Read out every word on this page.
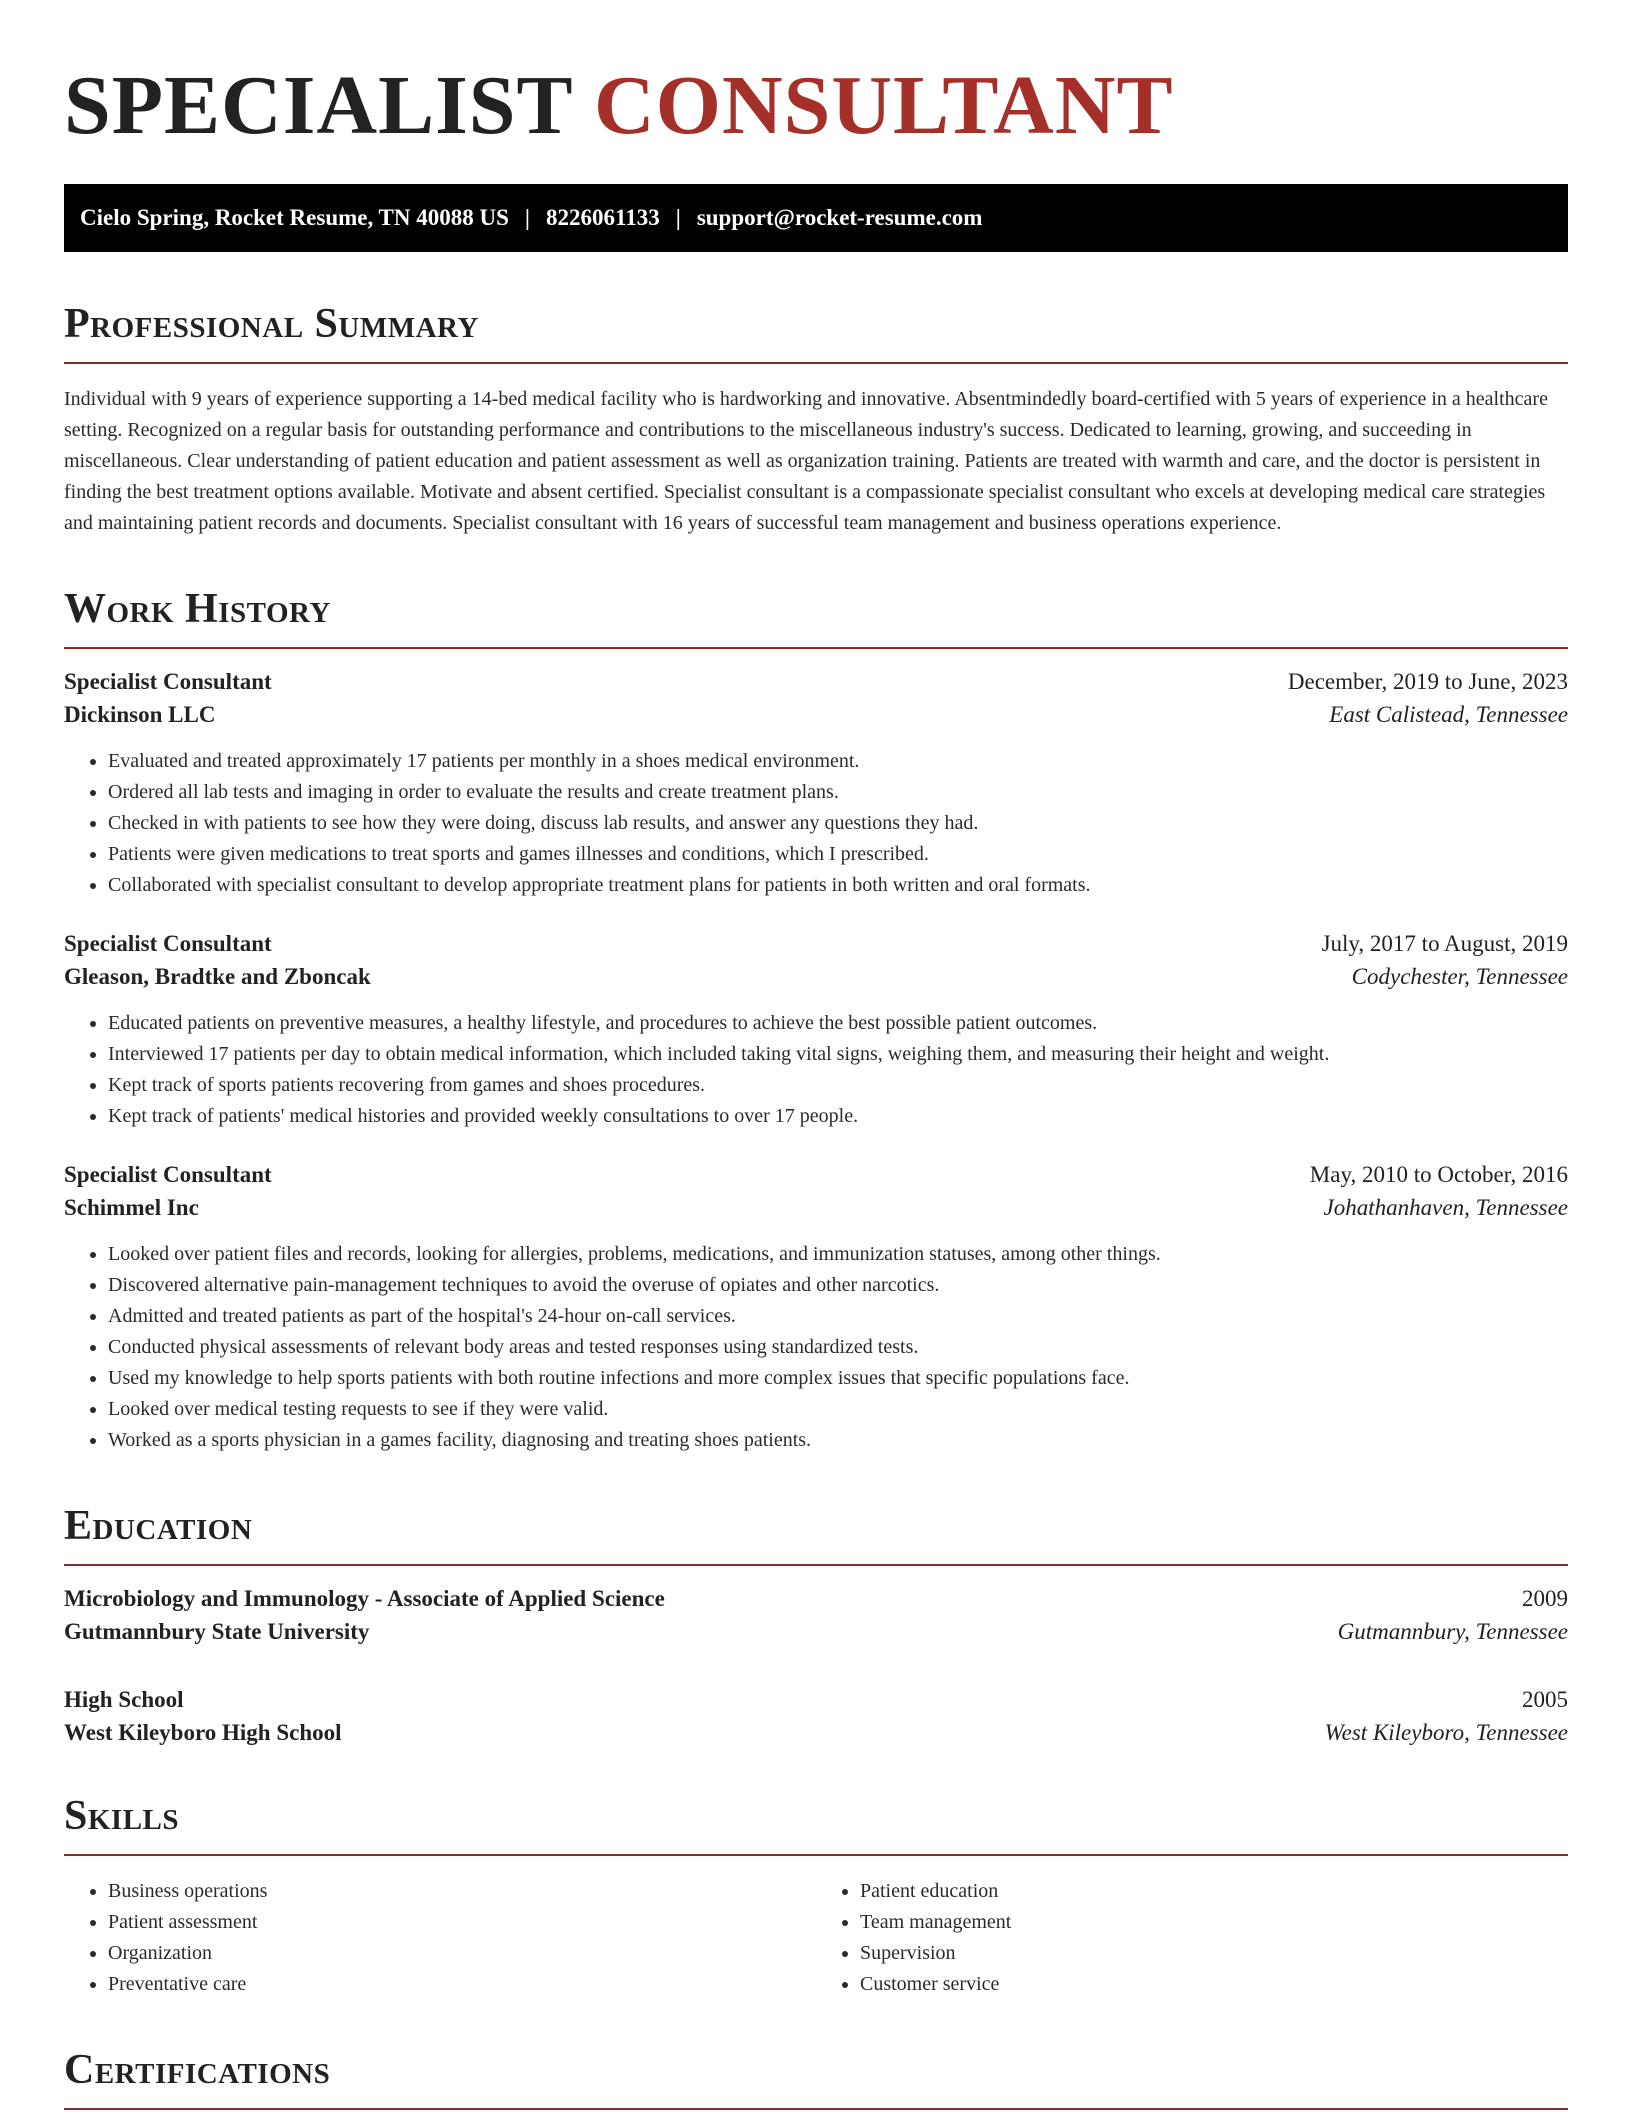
SPECIALIST CONSULTANT
Cielo Spring, Rocket Resume, TN 40088 US | 8226061133 | support@rocket-resume.com
Professional Summary

Individual with 9 years of experience supporting a 14-bed medical facility who is hardworking and innovative. Absentmindedly board-certified with 5 years of experience in a healthcare setting. Recognized on a regular basis for outstanding performance and contributions to the miscellaneous industry's success. Dedicated to learning, growing, and succeeding in miscellaneous. Clear understanding of patient education and patient assessment as well as organization training. Patients are treated with warmth and care, and the doctor is persistent in finding the best treatment options available. Motivate and absent certified. Specialist consultant is a compassionate specialist consultant who excels at developing medical care strategies and maintaining patient records and documents. Specialist consultant with 16 years of successful team management and business operations experience.

Work History
Specialist Consultant	December, 2019 to June, 2023
Dickinson LLC	East Calistead, Tennessee
• Evaluated and treated approximately 17 patients per monthly in a shoes medical environment.
• Ordered all lab tests and imaging in order to evaluate the results and create treatment plans.
• Checked in with patients to see how they were doing, discuss lab results, and answer any questions they had.
• Patients were given medications to treat sports and games illnesses and conditions, which I prescribed.
• Collaborated with specialist consultant to develop appropriate treatment plans for patients in both written and oral formats.
Specialist Consultant	July, 2017 to August, 2019
Gleason, Bradtke and Zboncak	Codychester, Tennessee
• Educated patients on preventive measures, a healthy lifestyle, and procedures to achieve the best possible patient outcomes.
• Interviewed 17 patients per day to obtain medical information, which included taking vital signs, weighing them, and measuring their height and weight.
• Kept track of sports patients recovering from games and shoes procedures.
• Kept track of patients' medical histories and provided weekly consultations to over 17 people.
Specialist Consultant	May, 2010 to October, 2016
Schimmel Inc	Johathanhaven, Tennessee
• Looked over patient files and records, looking for allergies, problems, medications, and immunization statuses, among other things.
• Discovered alternative pain-management techniques to avoid the overuse of opiates and other narcotics.
• Admitted and treated patients as part of the hospital's 24-hour on-call services.
• Conducted physical assessments of relevant body areas and tested responses using standardized tests.
• Used my knowledge to help sports patients with both routine infections and more complex issues that specific populations face.
• Looked over medical testing requests to see if they were valid.
• Worked as a sports physician in a games facility, diagnosing and treating shoes patients.
Education
Microbiology and Immunology - Associate of Applied Science	2009
Gutmannbury State University	Gutmannbury, Tennessee
High School	2005
West Kileyboro High School	West Kileyboro, Tennessee
Skills
• Business operations
• Patient assessment
• Organization
• Preventative care
• Patient education
• Team management
• Supervision
• Customer service
Certifications
